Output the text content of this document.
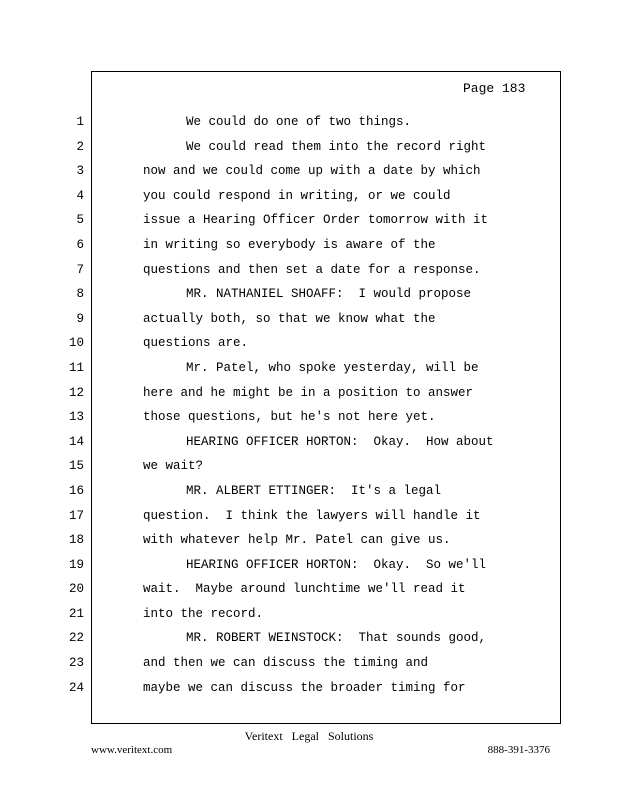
Page 183
1
2
3
4
5
6
7
8
9
10
11
12
13
14
15
16
17
18
19
20
21
22
23
24
We could do one of two things.
We could read them into the record right
now and we could come up with a date by which
you could respond in writing, or we could
issue a Hearing Officer Order tomorrow with it
in writing so everybody is aware of the
questions and then set a date for a response.
MR. NATHANIEL SHOAFF:  I would propose
actually both, so that we know what the
questions are.
Mr. Patel, who spoke yesterday, will be
here and he might be in a position to answer
those questions, but he's not here yet.
HEARING OFFICER HORTON:  Okay.  How about
we wait?
MR. ALBERT ETTINGER:  It's a legal
question.  I think the lawyers will handle it
with whatever help Mr. Patel can give us.
HEARING OFFICER HORTON:  Okay.  So we'll
wait.  Maybe around lunchtime we'll read it
into the record.
MR. ROBERT WEINSTOCK:  That sounds good,
and then we can discuss the timing and
maybe we can discuss the broader timing for
Veritext Legal Solutions
www.veritext.com	888-391-3376
